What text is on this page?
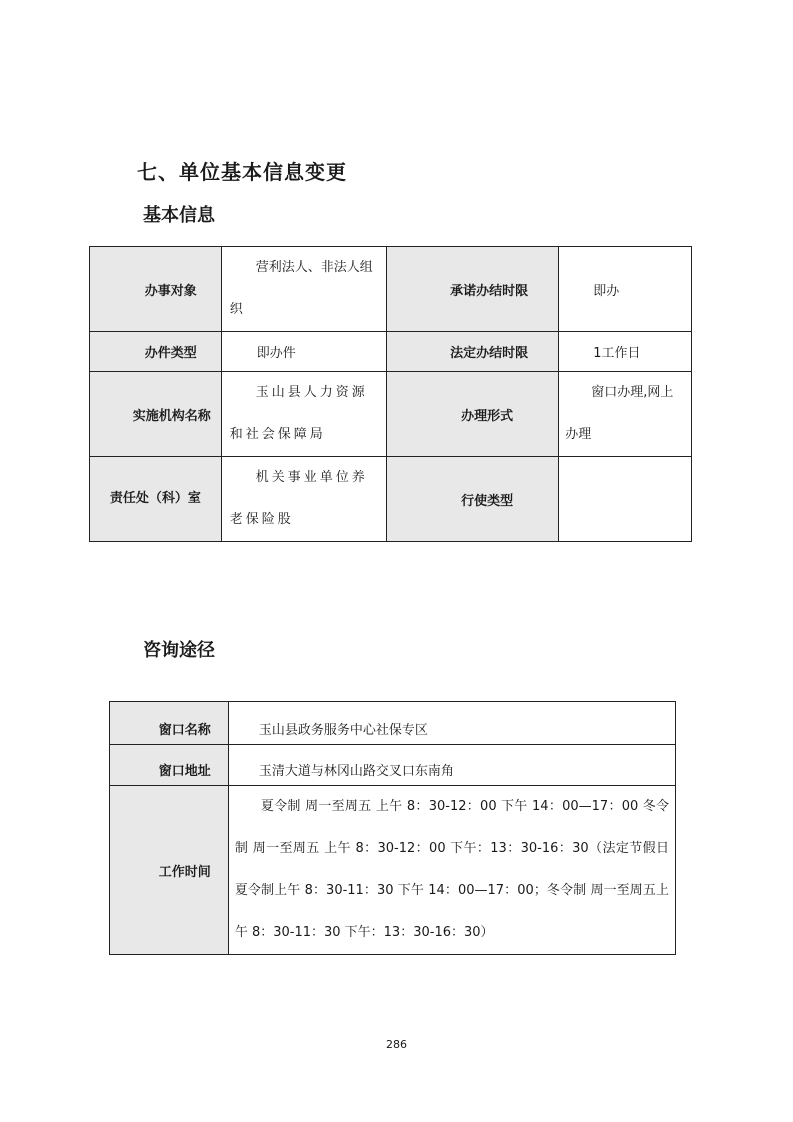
七、单位基本信息变更
基本信息
办事对象	营利法人、非法人组织	承诺办结时限	即办
办件类型	即办件	法定办结时限	1工作日
实施机构名称	玉山县人力资源和社会保障局	办理形式	窗口办理,网上办理
责任处（科）室	机关事业单位养老保险股	行使类型	
咨询途径
窗口名称	玉山县政务服务中心社保专区
窗口地址	玉清大道与林冈山路交叉口东南角
工作时间	夏令制 周一至周五 上午 8：30-12：00 下午 14：00—17：00 冬令制 周一至周五 上午 8：30-12：00 下午：13：30-16：30（法定节假日夏令制上午 8：30-11：30 下午 14：00—17：00；冬令制 周一至周五上午 8：30-11：30 下午：13：30-16：30）
286
